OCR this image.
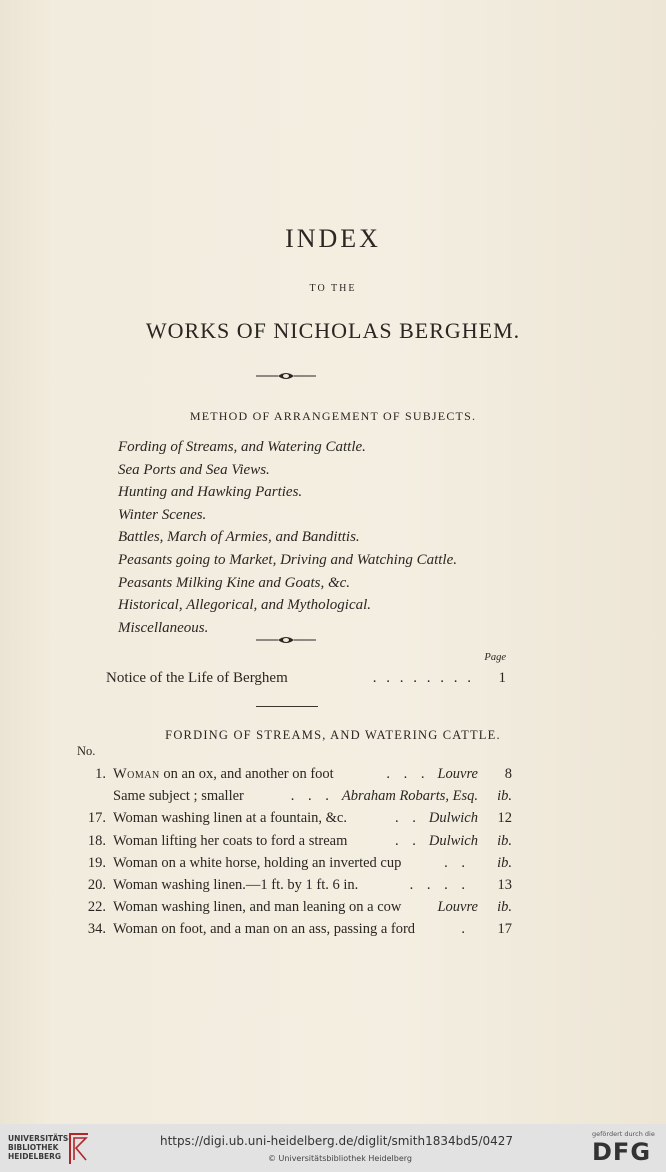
INDEX
TO THE
WORKS OF NICHOLAS BERGHEM.
METHOD OF ARRANGEMENT OF SUBJECTS.
Fording of Streams, and Watering Cattle.
Sea Ports and Sea Views.
Hunting and Hawking Parties.
Winter Scenes.
Battles, March of Armies, and Bandittis.
Peasants going to Market, Driving and Watching Cattle.
Peasants Milking Kine and Goats, &c.
Historical, Allegorical, and Mythological.
Miscellaneous.
Page
Notice of the Life of Berghem	. . . . . . . .	1
FORDING OF STREAMS, AND WATERING CATTLE.
No.
1. Woman on an ox, and another on foot	. . . Louvre	8
Same subject ; smaller	. . . Abraham Robarts, Esq.	ib.
17. Woman washing linen at a fountain, &c.	. . Dulwich	12
18. Woman lifting her coats to ford a stream	. . Dulwich	ib.
19. Woman on a white horse, holding an inverted cup	. .	ib.
20. Woman washing linen.—1 ft. by 1 ft. 6 in.	. . . .	13
22. Woman washing linen, and man leaning on a cow	Louvre	ib.
34. Woman on foot, and a man on an ass, passing a ford	.	17
UNIVERSITÄTS-
BIBLIOTHEK
HEIDELBERG
https://digi.ub.uni-heidelberg.de/diglit/smith1834bd5/0427
© Universitätsbibliothek Heidelberg
gefördert durch die
DFG
